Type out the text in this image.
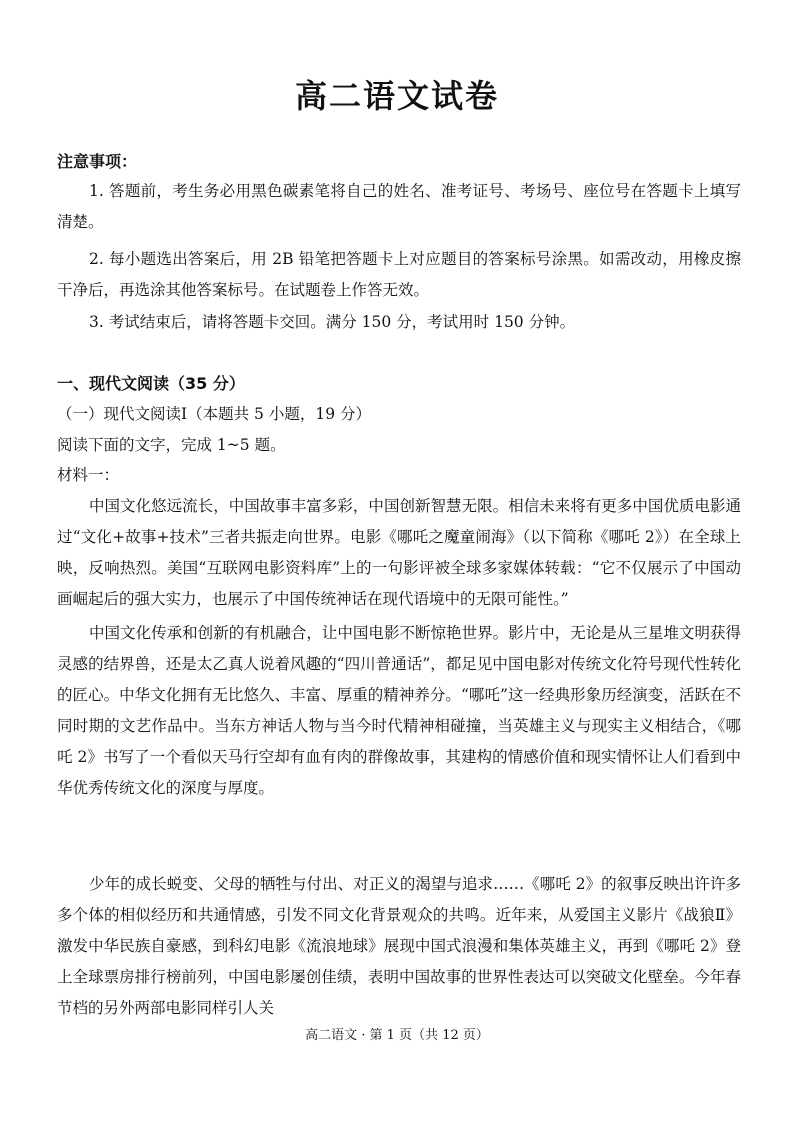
高二语文试卷
注意事项：
1. 答题前，考生务必用黑色碳素笔将自己的姓名、准考证号、考场号、座位号在答题卡上填写清楚。
2. 每小题选出答案后，用 2B 铅笔把答题卡上对应题目的答案标号涂黑。如需改动，用橡皮擦干净后，再选涂其他答案标号。在试题卷上作答无效。
3. 考试结束后，请将答题卡交回。满分 150 分，考试用时 150 分钟。
一、现代文阅读（35 分）
（一）现代文阅读Ⅰ（本题共 5 小题，19 分）
阅读下面的文字，完成 1~5 题。
材料一：
中国文化悠远流长，中国故事丰富多彩，中国创新智慧无限。相信未来将有更多中国优质电影通过“文化+故事+技术”三者共振走向世界。电影《哪吒之魔童闹海》（以下简称《哪吒 2》）在全球上映，反响热烈。美国“互联网电影资料库”上的一句影评被全球多家媒体转载：“它不仅展示了中国动画崛起后的强大实力，也展示了中国传统神话在现代语境中的无限可能性。”
中国文化传承和创新的有机融合，让中国电影不断惊艳世界。影片中，无论是从三星堆文明获得灵感的结界兽，还是太乙真人说着风趣的“四川普通话”，都足见中国电影对传统文化符号现代性转化的匠心。中华文化拥有无比悠久、丰富、厚重的精神养分。“哪吒”这一经典形象历经演变，活跃在不同时期的文艺作品中。当东方神话人物与当今时代精神相碰撞，当英雄主义与现实主义相结合，《哪吒 2》书写了一个看似天马行空却有血有肉的群像故事，其建构的情感价值和现实情怀让人们看到中华优秀传统文化的深度与厚度。
少年的成长蜕变、父母的牺牲与付出、对正义的渴望与追求……《哪吒 2》的叙事反映出许许多多个体的相似经历和共通情感，引发不同文化背景观众的共鸣。近年来，从爱国主义影片《战狼Ⅱ》激发中华民族自豪感，到科幻电影《流浪地球》展现中国式浪漫和集体英雄主义，再到《哪吒 2》登上全球票房排行榜前列，中国电影屡创佳绩，表明中国故事的世界性表达可以突破文化壁垒。今年春节档的另外两部电影同样引人关
高二语文 · 第 1 页（共 12 页）
